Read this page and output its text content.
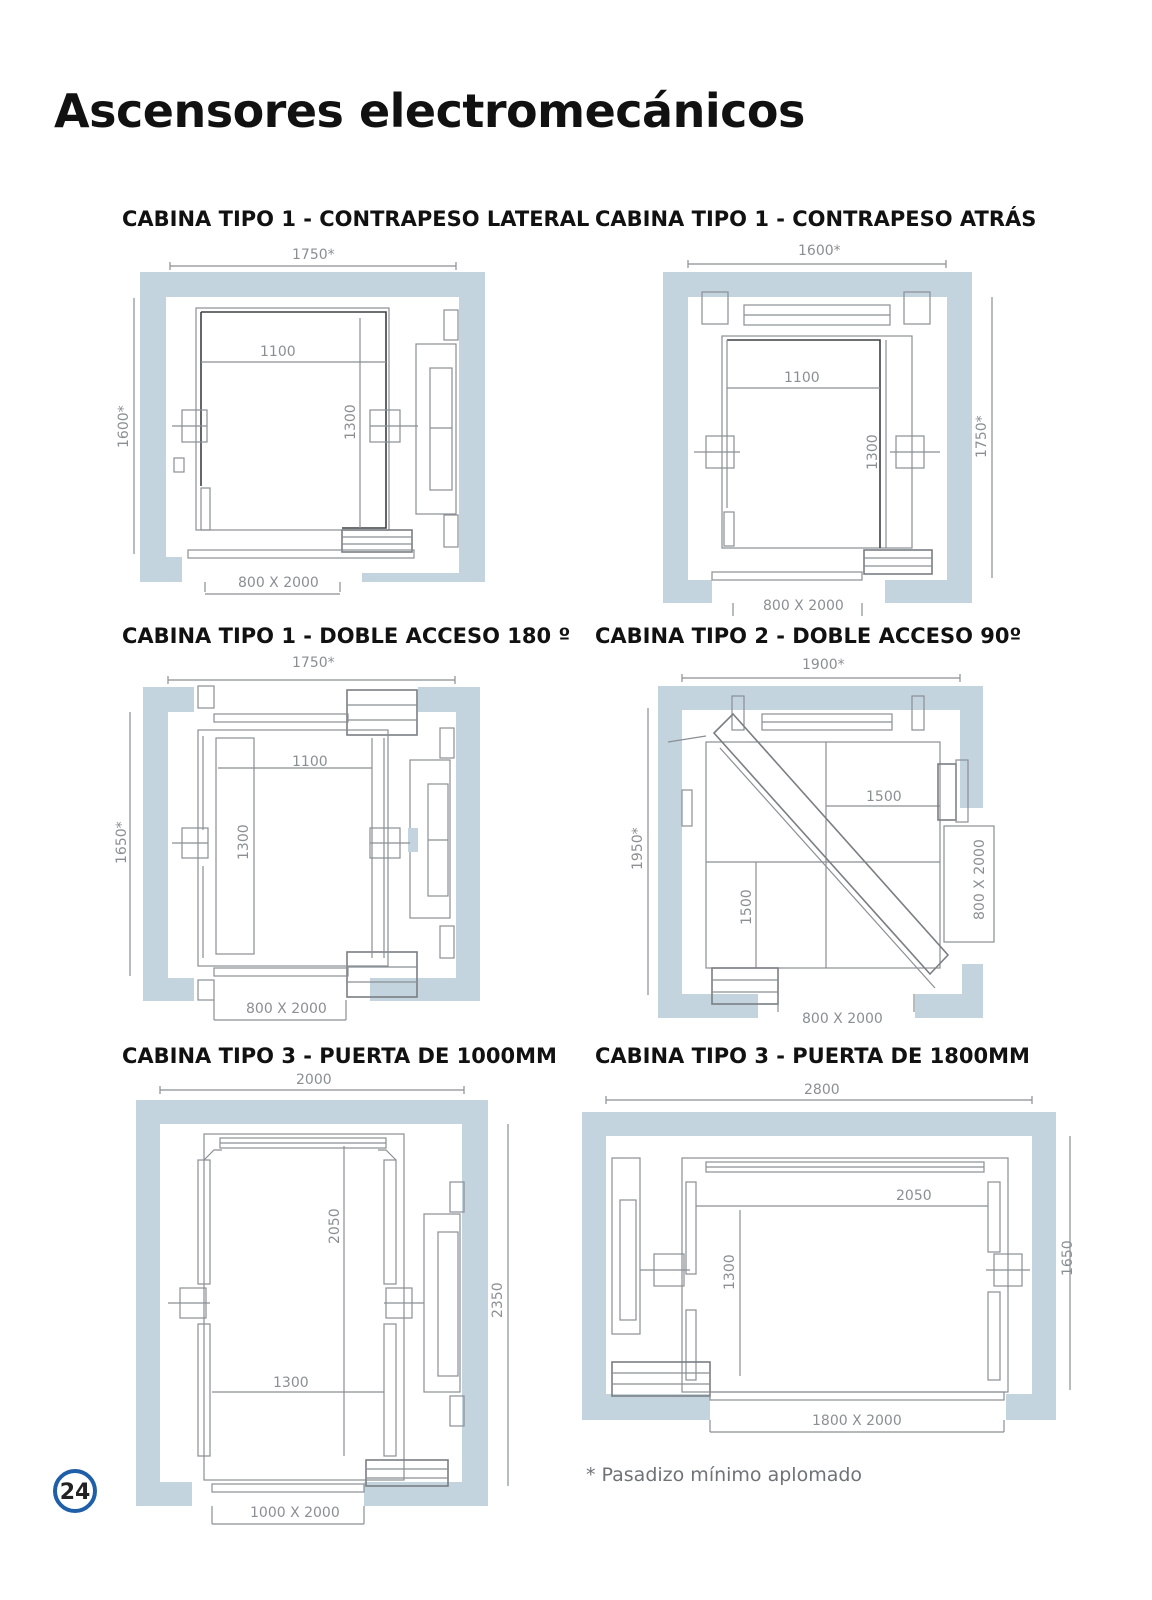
Ascensores electromecánicos
CABINA TIPO 1 - CONTRAPESO LATERAL CABINA TIPO 1 - CONTRAPESO ATRÁS
CABINA TIPO 1 - DOBLE ACCESO 180 º CABINA TIPO 2 - DOBLE ACCESO 90º
CABINA TIPO 3 - PUERTA DE 1000MM CABINA TIPO 3 - PUERTA DE 1800MM
1750*
1600*
800 X 2000
1100
1300
1600*
1750*
800 X 2000
1100
1300
1750*
1650*
1100
1300
800 X 2000
1900*
1950*
1500
1500	800 X 2000
800 X 2000
2000
2350
2050
1300
1000 X 2000
2800
1650
2050
1300
1800 X 2000
24
* Pasadizo mínimo aplomado
